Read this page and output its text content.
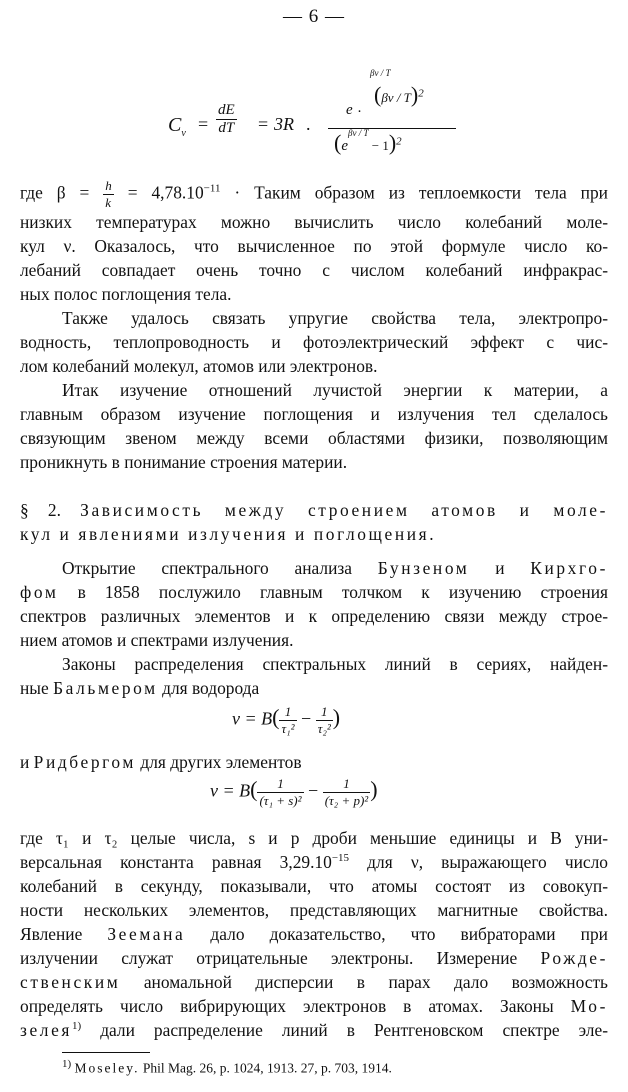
— 6 —
$C_v = \frac{dE}{dT} = 3R$ .
βν / T
e .
(βν / T)$^2$
$(e^{\beta\nu / T} - 1)^2$
где $\beta = \frac{h}{k} = 4,78.10^{-11}$ · Таким образом из теплоемкости тела при
низких температурах можно вычислить число колебаний моле-
кул ν. Оказалось, что вычисленное по этой формуле число ко-
лебаний совпадает очень точно с числом колебаний инфракрас-
ных полос поглощения тела.
Также удалось связать упругие свойства тела, электропро-
водность, теплопроводность и фотоэлектрический эффект с чис-
лом колебаний молекул, атомов или электронов.
Итак изучение отношений лучистой энергии к материи, а
главным образом изучение поглощения и излучения тел сделалось
связующим звеном между всеми областями физики, позволяющим
проникнуть в понимание строения материи.
§ 2. Зависимость между строением атомов и моле-
кул и явлениями излучения и поглощения.
Открытие спектрального анализа Бунзеном и Кирхго-
фом в 1858 послужило главным толчком к изучению строения
спектров различных элементов и к определению связи между строе-
нием атомов и спектрами излучения.
Законы распределения спектральных линий в сериях, найден-
ные Бальмером для водорода
$\nu = B( \frac{1}{\text{τ₁²}} - \frac{1}{\text{τ₂²}}$ )
и Ридбергом для других элементов
$\nu = B( \frac{1}{\text{(τ₁ + s)²}} - \frac{1}{\text{(τ₂ + p)²}}$ )
где τ₁ и τ₂ целые числа, s и p дроби меньшие единицы и B уни-
версальная константа равная $3,29.10^{-15}$ для ν, выражающего число
колебаний в секунду, показывали, что атомы состоят из совокуп-
ности нескольких элементов, представляющих магнитные свойства.
Явление Зеемана дало доказательство, что вибраторами при
излучении служат отрицательные электроны. Измерение Рожде-
ственским аномальной дисперсии в парах дало возможность
определять число вибрирующих электронов в атомах. Законы Мо-
зелея$^{1)}$ дали распределение линий в Рентгеновском спектре эле-
$^{1)}$ Moseley. Phil Mag. 26, p. 1024, 1913. 27, p. 703, 1914.
